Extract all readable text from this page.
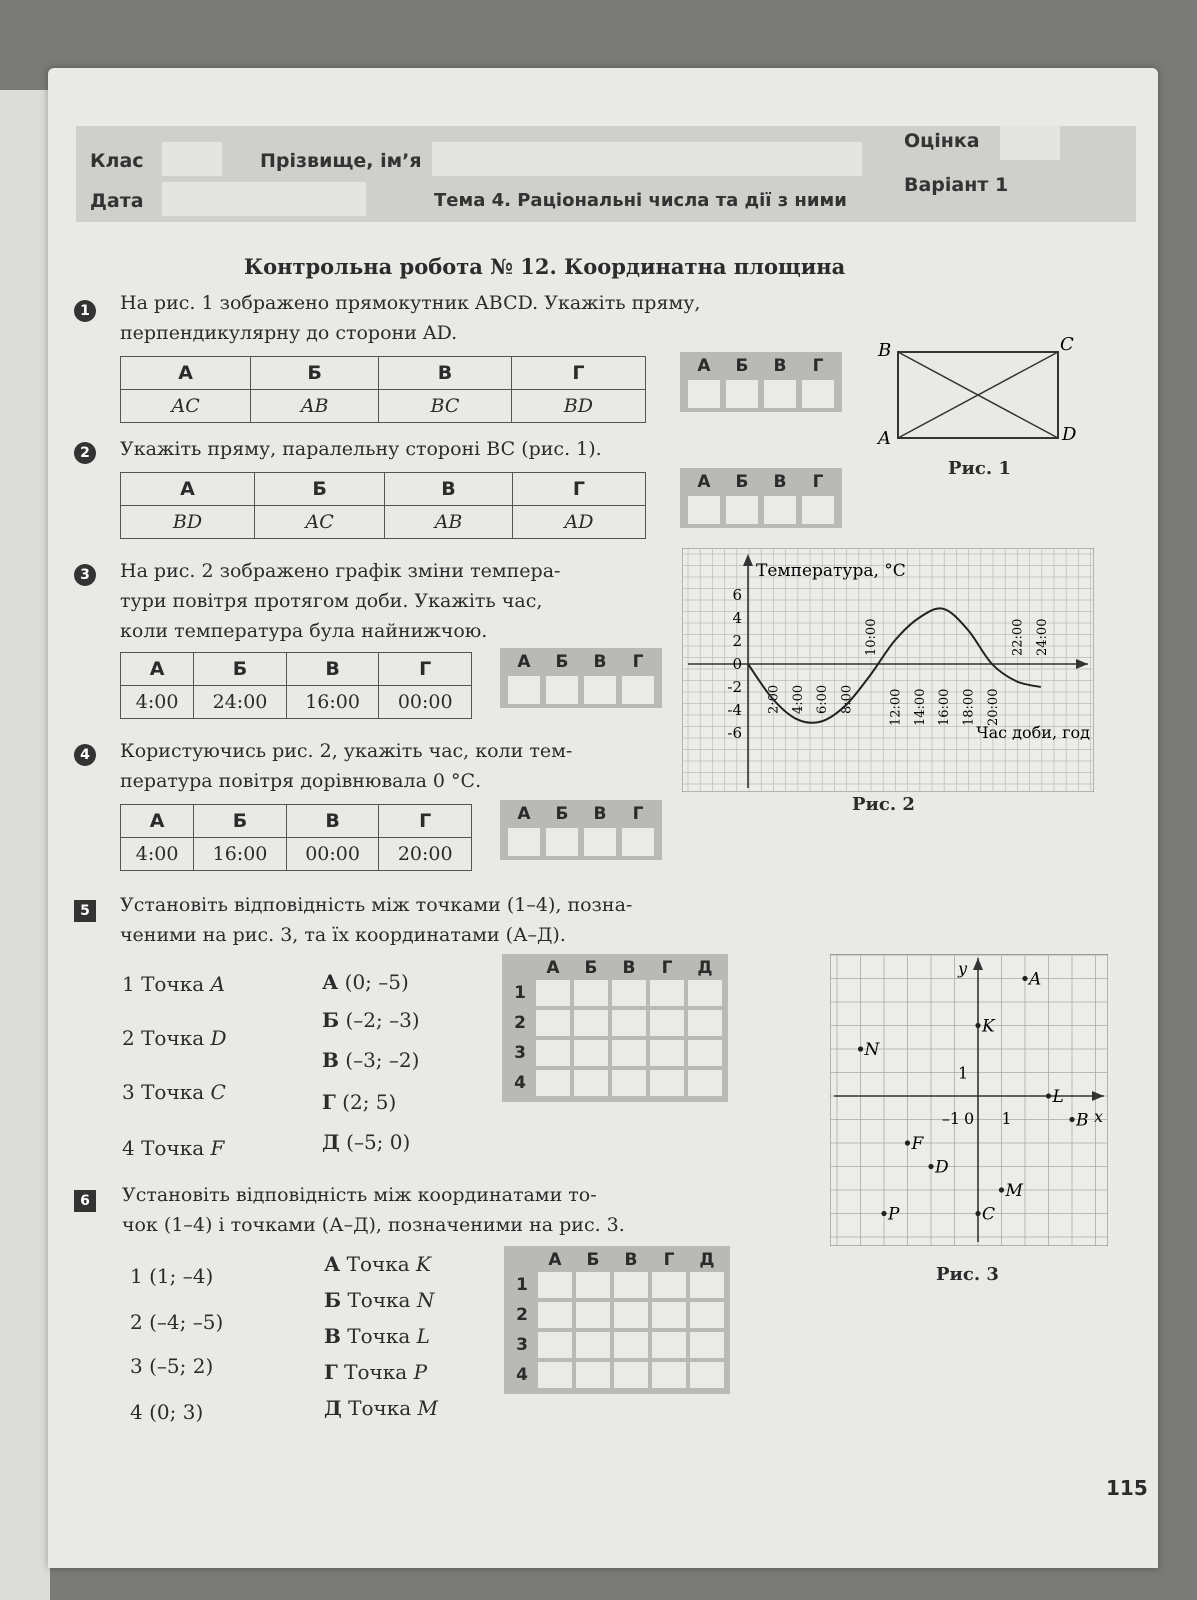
Клас	Прізвище, ім’я
Оцінка
Дата	Тема 4. Раціональні числа та дії з ними
Варіант 1
Контрольна робота № 12. Координатна площина
1	На рис. 1 зображено прямокутник ABCD. Укажіть пряму,
перпендикулярну до сторони AD.
А	Б	В	Г
AC	AB	BC	BD
А	Б	В	Г
B	C
A	D
Рис. 1
2	Укажіть пряму, паралельну стороні BC (рис. 1).
А	Б	В	Г
BD	AC	AB	AD
А	Б	В	Г
3	На рис. 2 зображено графік зміни темпера-
тури повітря протягом доби. Укажіть час,
коли температура була найнижчою.
А	Б	В	Г
4:00	24:00	16:00	00:00
А	Б	В	Г
Температура, °C
Час доби, год
6
4
2
0
-2
-4
-6
2:00 4:00 6:00 8:00
10:00
12:00 14:00 16:00 18:00 20:00
22:00 24:00
Рис. 2
4	Користуючись рис. 2, укажіть час, коли тем-
пература повітря дорівнювала 0 °С.
А	Б	В	Г
4:00	16:00	00:00	20:00
А	Б	В	Г
5	Установіть відповідність між точками (1–4), позна-
ченими на рис. 3, та їх координатами (А–Д).
1 Точка A
2 Точка D
3 Точка C
4 Точка F
А (0; –5)
Б (–2; –3)
В (–3; –2)
Г (2; 5)
Д (–5; 0)
А	Б	В	Г	Д
1
2
3
4
x
y
–1 0 1
1
A
K
N
L
B
F
D
M
P	C
Рис. 3
6	Установіть відповідність між координатами то-
чок (1–4) і точками (А–Д), позначеними на рис. 3.
1 (1; –4)
2 (–4; –5)
3 (–5; 2)
4 (0; 3)
А Точка K
Б Точка N
В Точка L
Г Точка P
Д Точка M
А	Б	В	Г	Д
1
2
3
4
115
